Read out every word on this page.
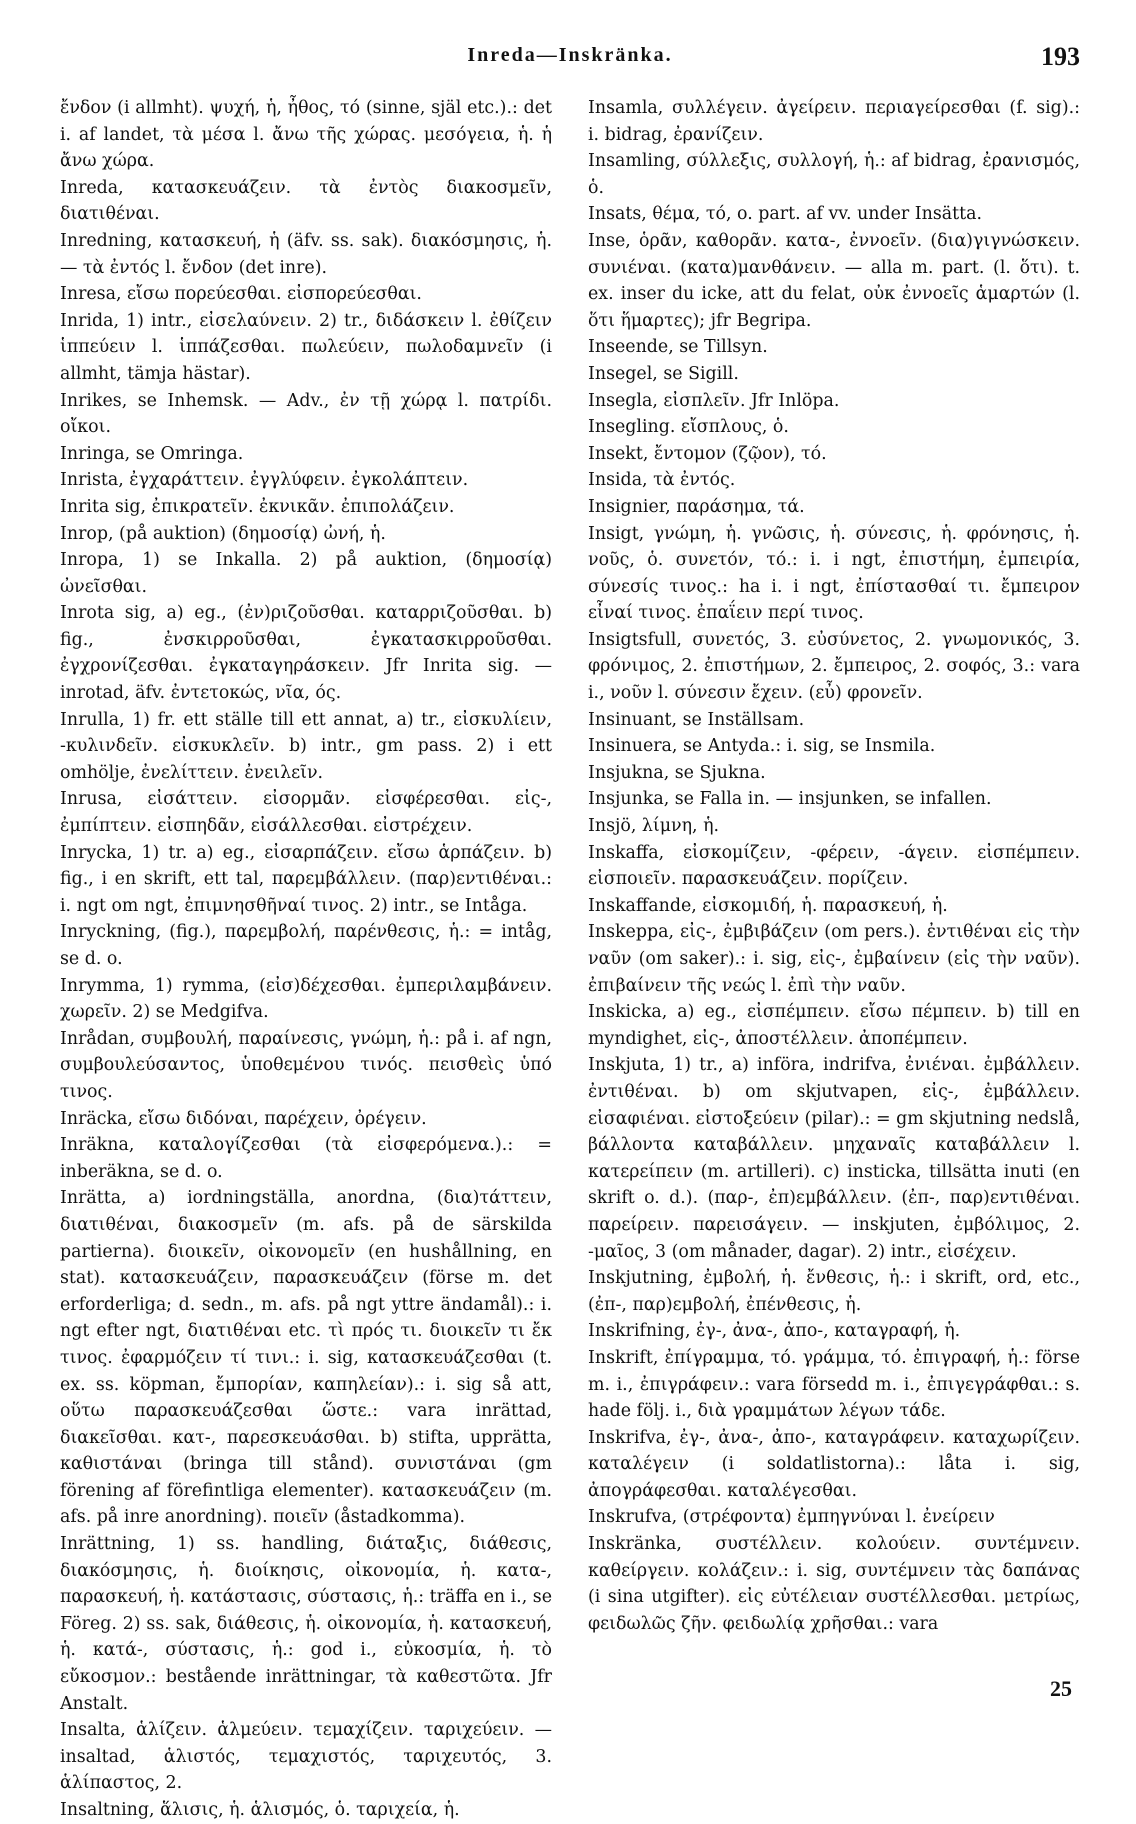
Inreda—Inskränka.	193

ἔνδον (i allmht). ψυχή, ἡ, ἦθος, τό (sinne, själ etc.).: det i. af landet, τὰ μέσα l. ἄνω τῆς χώρας. μεσόγεια, ἡ. ἡ ἄνω χώρα.

Inreda, κατασκευάζειν. τὰ ἐντὸς διακοσμεῖν, διατιθέναι.

Inredning, κατασκευή, ἡ (äfv. ss. sak). διακόσμησις, ἡ. — τὰ ἐντός l. ἔνδον (det inre).

Inresa, εἴσω πορεύεσθαι. εἰσπορεύεσθαι.

Inrida, 1) intr., εἰσελαύνειν. 2) tr., διδάσκειν l. ἐθίζειν ἱππεύειν l. ἱππάζεσθαι. πωλεύειν, πωλοδαμνεῖν (i allmht, tämja hästar).

Inrikes, se Inhemsk. — Adv., ἐν τῇ χώρᾳ l. πατρίδι. οἴκοι.

Inringa, se Omringa.

Inrista, ἐγχαράττειν. ἐγγλύφειν. ἐγκολάπτειν.

Inrita sig, ἐπικρατεῖν. ἐκνικᾶν. ἐπιπολάζειν.

Inrop, (på auktion) (δημοσίᾳ) ὠνή, ἡ.

Inropa, 1) se Inkalla. 2) på auktion, (δημοσίᾳ) ὠνεῖσθαι.

Inrota sig, a) eg., (ἐν)ριζοῦσθαι. καταρριζοῦσθαι. b) fig., ἐνσκιρροῦσθαι, ἐγκατασκιρροῦσθαι. ἐγχρονίζεσθαι. ἐγκαταγηράσκειν. Jfr Inrita sig. — inrotad, äfv. ἐντετοκώς, νῖα, ός.

Inrulla, 1) fr. ett ställe till ett annat, a) tr., εἰσκυλίειν, -κυλινδεῖν. εἰσκυκλεῖν. b) intr., gm pass. 2) i ett omhölje, ἐνελίττειν. ἐνειλεῖν.

Inrusa, εἰσάττειν. εἰσορμᾶν. εἰσφέρεσθαι. εἰς-, ἐμπίπτειν. εἰσπηδᾶν, εἰσάλλεσθαι. εἰστρέχειν.

Inrycka, 1) tr. a) eg., εἰσαρπάζειν. εἴσω ἁρπάζειν. b) fig., i en skrift, ett tal, παρεμβάλλειν. (παρ)εντιθέναι.: i. ngt om ngt, ἐπιμνησθῆναί τινος. 2) intr., se Intåga.

Inryckning, (fig.), παρεμβολή, παρένθεσις, ἡ.: = intåg, se d. o.

Inrymma, 1) rymma, (εἰσ)δέχεσθαι. ἐμπεριλαμβάνειν. χωρεῖν. 2) se Medgifva.

Inrådan, συμβουλή, παραίνεσις, γνώμη, ἡ.: på i. af ngn, συμβουλεύσαντος, ὑποθεμένου τινός. πεισθεὶς ὑπό τινος.

Inräcka, εἴσω διδόναι, παρέχειν, ὀρέγειν.

Inräkna, καταλογίζεσθαι (τὰ εἰσφερόμενα.).: = inberäkna, se d. o.

Inrätta, a) iordningställa, anordna, (δια)τάττειν, διατιθέναι, διακοσμεῖν (m. afs. på de särskilda partierna). διοικεῖν, οἰκονομεῖν (en hushållning, en stat). κατασκευάζειν, παρασκευάζειν (förse m. det erforderliga; d. sedn., m. afs. på ngt yttre ändamål).: i. ngt efter ngt, διατιθέναι etc. τὶ πρός τι. διοικεῖν τι ἔκ τινος. ἐφαρμόζειν τί τινι.: i. sig, κατασκευάζεσθαι (t. ex. ss. köpman, ἔμπορίαν, καπηλείαν).: i. sig så att, οὕτω παρασκευάζεσθαι ὥστε.: vara inrättad, διακεῖσθαι. κατ-, παρεσκευάσθαι. b) stifta, upprätta, καθιστάναι (bringa till stånd). συνιστάναι (gm förening af förefintliga elementer). κατασκευάζειν (m. afs. på inre anordning). ποιεῖν (åstadkomma).

Inrättning, 1) ss. handling, διάταξις, διάθεσις, διακόσμησις, ἡ. διοίκησις, οἰκονομία, ἡ. κατα-, παρασκευή, ἡ. κατάστασις, σύστασις, ἡ.: träffa en i., se Föreg. 2) ss. sak, διάθεσις, ἡ. οἰκονομία, ἡ. κατασκευή, ἡ. κατά-, σύστασις, ἡ.: god i., εὐκοσμία, ἡ. τὸ εὔκοσμον.: bestående inrättningar, τὰ καθεστῶτα. Jfr Anstalt.

Insalta, ἁλίζειν. ἁλμεύειν. τεμαχίζειν. ταριχεύειν. — insaltad, ἁλιστός, τεμαχιστός, ταριχευτός, 3. ἁλίπαστος, 2.

Insaltning, ἅλισις, ἡ. ἁλισμός, ὁ. ταριχεία, ἡ.

Insamla, συλλέγειν. ἀγείρειν. περιαγείρεσθαι (f. sig).: i. bidrag, ἐρανίζειν.

Insamling, σύλλεξις, συλλογή, ἡ.: af bidrag, ἐρανισμός, ὁ.

Insats, θέμα, τό, o. part. af vv. under Insätta.

Inse, ὁρᾶν, καθορᾶν. κατα-, ἐννοεῖν. (δια)γιγνώσκειν. συνιέναι. (κατα)μανθάνειν. — alla m. part. (l. ὅτι). t. ex. inser du icke, att du felat, οὐκ ἐννοεῖς ἁμαρτών (l. ὅτι ἥμαρτες); jfr Begripa.

Inseende, se Tillsyn.

Insegel, se Sigill.

Insegla, εἰσπλεῖν. Jfr Inlöpa.

Insegling. εἴσπλους, ὁ.

Insekt, ἔντομον (ζῷον), τό.

Insida, τὰ ἐντός.

Insignier, παράσημα, τά.

Insigt, γνώμη, ἡ. γνῶσις, ἡ. σύνεσις, ἡ. φρόνησις, ἡ. νοῦς, ὁ. συνετόν, τό.: i. i ngt, ἐπιστήμη, ἐμπειρία, σύνεσίς τινος.: ha i. i ngt, ἐπίστασθαί τι. ἔμπειρον εἶναί τινος. ἐπαΐειν περί τινος.

Insigtsfull, συνετός, 3. εὐσύνετος, 2. γνωμονικός, 3. φρόνιμος, 2. ἐπιστήμων, 2. ἔμπειρος, 2. σοφός, 3.: vara i., νοῦν l. σύνεσιν ἔχειν. (εὖ) φρονεῖν.

Insinuant, se Inställsam.

Insinuera, se Antyda.: i. sig, se Insmila.

Insjukna, se Sjukna.

Insjunka, se Falla in. — insjunken, se infallen.

Insjö, λίμνη, ἡ.

Inskaffa, εἰσκομίζειν, -φέρειν, -άγειν. εἰσπέμπειν. εἰσποιεῖν. παρασκευάζειν. πορίζειν.

Inskaffande, εἰσκομιδή, ἡ. παρασκευή, ἡ.

Inskeppa, εἰς-, ἐμβιβάζειν (om pers.). ἐντιθέναι εἰς τὴν ναῦν (om saker).: i. sig, εἰς-, ἐμβαίνειν (εἰς τὴν ναῦν). ἐπιβαίνειν τῆς νεώς l. ἐπὶ τὴν ναῦν.

Inskicka, a) eg., εἰσπέμπειν. εἴσω πέμπειν. b) till en myndighet, εἰς-, ἀποστέλλειν. ἀποπέμπειν.

Inskjuta, 1) tr., a) införa, indrifva, ἐνιέναι. ἐμβάλλειν. ἐντιθέναι. b) om skjutvapen, εἰς-, ἐμβάλλειν. εἰσαφιέναι. εἰστοξεύειν (pilar).: = gm skjutning nedslå, βάλλοντα καταβάλλειν. μηχαναῖς καταβάλλειν l. κατερείπειν (m. artilleri). c) insticka, tillsätta inuti (en skrift o. d.). (παρ-, ἐπ)εμβάλλειν. (ἐπ-, παρ)εντιθέναι. παρείρειν. παρεισάγειν. — inskjuten, ἐμβόλιμος, 2. -μαῖος, 3 (om månader, dagar). 2) intr., εἰσέχειν.

Inskjutning, ἐμβολή, ἡ. ἔνθεσις, ἡ.: i skrift, ord, etc., (ἐπ-, παρ)εμβολή, ἐπένθεσις, ἡ.

Inskrifning, ἐγ-, ἀνα-, ἀπο-, καταγραφή, ἡ.

Inskrift, ἐπίγραμμα, τό. γράμμα, τό. ἐπιγραφή, ἡ.: förse m. i., ἐπιγράφειν.: vara försedd m. i., ἐπιγεγράφθαι.: s. hade följ. i., διὰ γραμμάτων λέγων τάδε.

Inskrifva, ἐγ-, ἀνα-, ἀπο-, καταγράφειν. καταχωρίζειν. καταλέγειν (i soldatlistorna).: låta i. sig, ἀπογράφεσθαι. καταλέγεσθαι.

Inskrufva, (στρέφοντα) ἐμπηγνύναι l. ἐνείρειν

Inskränka, συστέλλειν. κολούειν. συντέμνειν. καθείργειν. κολάζειν.: i. sig, συντέμνειν τὰς δαπάνας (i sina utgifter). εἰς εὐτέλειαν συστέλλεσθαι. μετρίως, φειδωλῶς ζῆν. φειδωλίᾳ χρῆσθαι.: vara

25
